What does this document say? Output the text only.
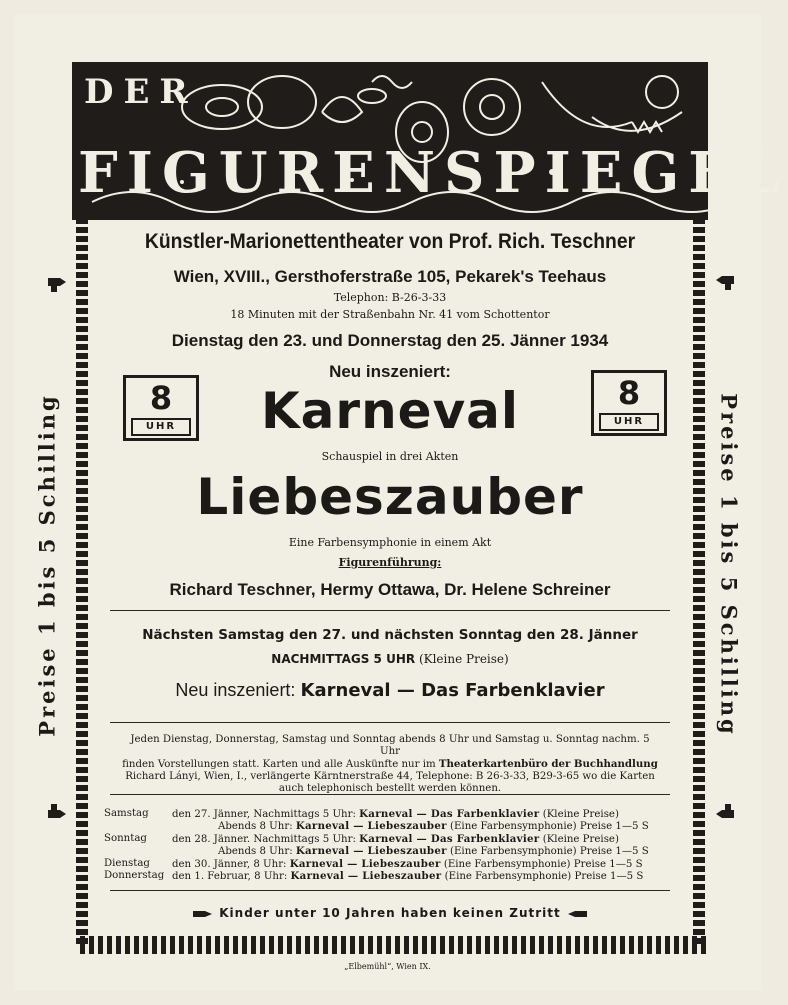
DER
FIGURENSPIEGEL
Preise 1 bis 5 Schilling	Preise 1 bis 5 Schilling
Künstler-Marionettentheater von Prof. Rich. Teschner
Wien, XVIII., Gersthoferstraße 105, Pekarek's Teehaus
Telephon: B-26-3-33
18 Minuten mit der Straßenbahn Nr. 41 vom Schottentor
Dienstag den 23. und Donnerstag den 25. Jänner 1934
Neu inszeniert:
8
UHR
8
UHR
Karneval
Schauspiel in drei Akten
Liebeszauber
Eine Farbensymphonie in einem Akt
Figurenführung:
Richard Teschner, Hermy Ottawa, Dr. Helene Schreiner
Nächsten Samstag den 27. und nächsten Sonntag den 28. Jänner
NACHMITTAGS 5 UHR (Kleine Preise)
Neu inszeniert: Karneval — Das Farbenklavier
Jeden Dienstag, Donnerstag, Samstag und Sonntag abends 8 Uhr und Samstag u. Sonntag nachm. 5 Uhr
finden Vorstellungen statt. Karten und alle Auskünfte nur im Theaterkartenbüro der Buchhandlung
Richard Lányi, Wien, I., verlängerte Kärntnerstraße 44, Telephone: B 26-3-33, B29-3-65 wo die Karten
auch telephonisch bestellt werden können.
Samstag den 27. Jänner, Nachmittags 5 Uhr: Karneval — Das Farbenklavier (Kleine Preise)
Abends 8 Uhr: Karneval — Liebeszauber (Eine Farbensymphonie) Preise 1—5 S
Sonntag den 28. Jänner. Nachmittags 5 Uhr: Karneval — Das Farbenklavier (Kleine Preise)
Abends 8 Uhr: Karneval — Liebeszauber (Eine Farbensymphonie) Preise 1—5 S
Dienstag den 30. Jänner, 8 Uhr: Karneval — Liebeszauber (Eine Farbensymphonie) Preise 1—5 S
Donnerstag den 1. Februar, 8 Uhr: Karneval — Liebeszauber (Eine Farbensymphonie) Preise 1—5 S
Kinder unter 10 Jahren haben keinen Zutritt
„Elbemühl“, Wien IX.
